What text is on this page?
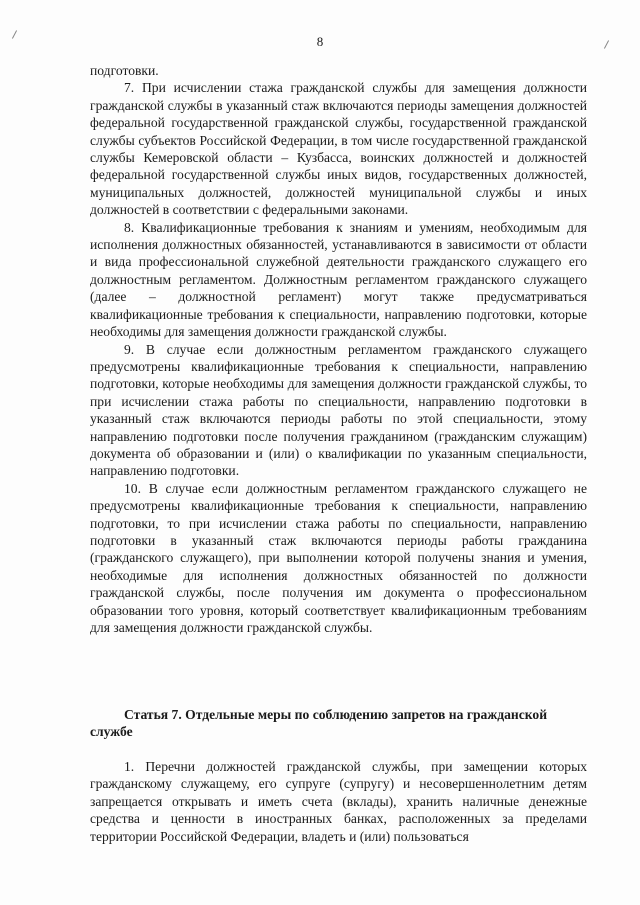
8

подготовки.

7. При исчислении стажа гражданской службы для замещения должности гражданской службы в указанный стаж включаются периоды замещения должностей федеральной государственной гражданской службы, государственной гражданской службы субъектов Российской Федерации, в том числе государственной гражданской службы Кемеровской области – Кузбасса, воинских должностей и должностей федеральной государственной службы иных видов, государственных должностей, муниципальных должностей, должностей муниципальной службы и иных должностей в соответствии с федеральными законами.

8. Квалификационные требования к знаниям и умениям, необходимым для исполнения должностных обязанностей, устанавливаются в зависимости от области и вида профессиональной служебной деятельности гражданского служащего его должностным регламентом. Должностным регламентом гражданского служащего (далее – должностной регламент) могут также предусматриваться квалификационные требования к специальности, направлению подготовки, которые необходимы для замещения должности гражданской службы.

9. В случае если должностным регламентом гражданского служащего предусмотрены квалификационные требования к специальности, направлению подготовки, которые необходимы для замещения должности гражданской службы, то при исчислении стажа работы по специальности, направлению подготовки в указанный стаж включаются периоды работы по этой специальности, этому направлению подготовки после получения гражданином (гражданским служащим) документа об образовании и (или) о квалификации по указанным специальности, направлению подготовки.

10. В случае если должностным регламентом гражданского служащего не предусмотрены квалификационные требования к специальности, направлению подготовки, то при исчислении стажа работы по специальности, направлению подготовки в указанный стаж включаются периоды работы гражданина (гражданского служащего), при выполнении которой получены знания и умения, необходимые для исполнения должностных обязанностей по должности гражданской службы, после получения им документа о профессиональном образовании того уровня, который соответствует квалификационным требованиям для замещения должности гражданской службы.

Статья 7. Отдельные меры по соблюдению запретов на гражданской службе

1. Перечни должностей гражданской службы, при замещении которых гражданскому служащему, его супруге (супругу) и несовершеннолетним детям запрещается открывать и иметь счета (вклады), хранить наличные денежные средства и ценности в иностранных банках, расположенных за пределами территории Российской Федерации, владеть и (или) пользоваться
